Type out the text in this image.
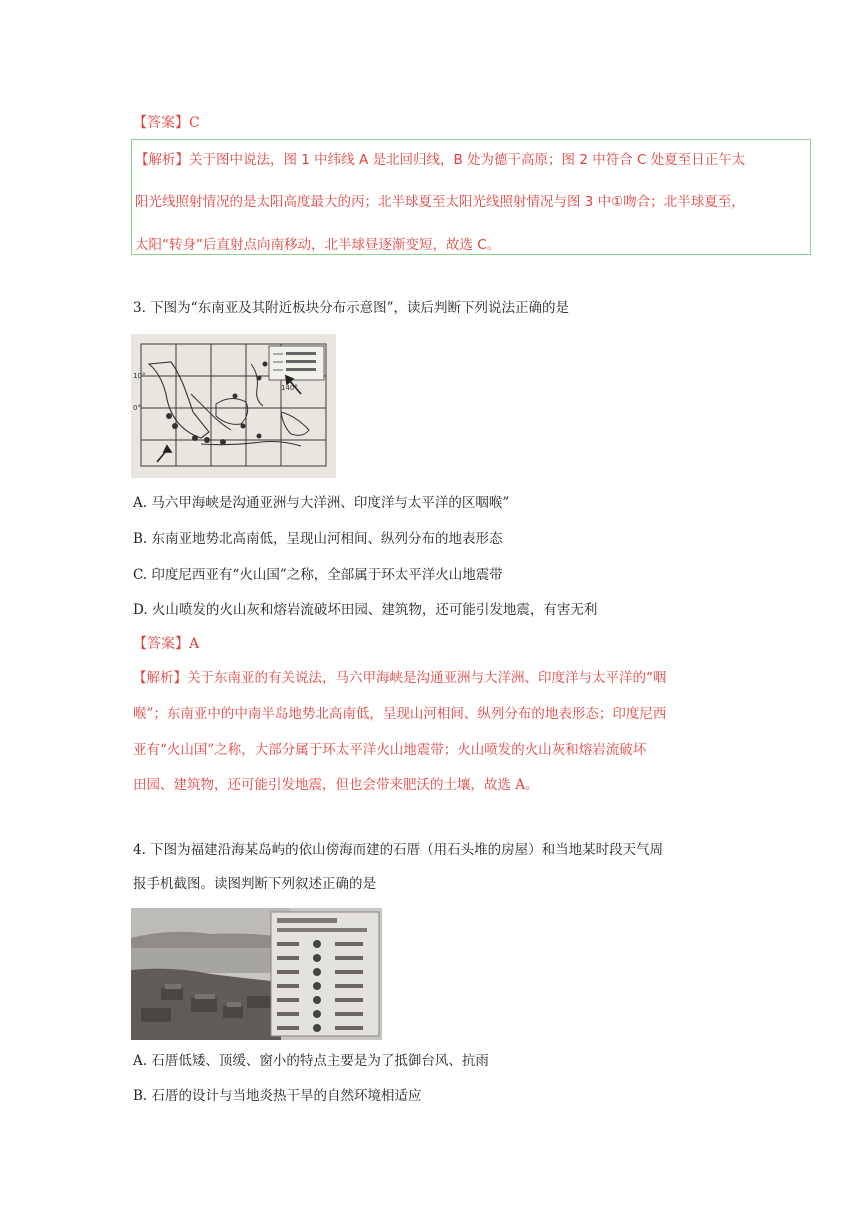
【答案】C
【解析】关于图中说法，图 1 中纬线 A 是北回归线，B 处为德干高原；图 2 中符合 C 处夏至日正午太
阳光线照射情况的是太阳高度最大的丙；北半球夏至太阳光线照射情况与图 3 中①吻合；北半球夏至，
太阳“转身”后直射点向南移动，北半球昼逐渐变短，故选 C。
3. 下图为“东南亚及其附近板块分布示意图”，读后判断下列说法正确的是
140°
10°
0°
A. 马六甲海峡是沟通亚洲与大洋洲、印度洋与太平洋的区咽喉”
B. 东南亚地势北高南低，呈现山河相间、纵列分布的地表形态
C. 印度尼西亚有“火山国”之称，全部属于环太平洋火山地震带
D. 火山喷发的火山灰和熔岩流破坏田园、建筑物，还可能引发地震，有害无利
【答案】A
【解析】关于东南亚的有关说法，马六甲海峡是沟通亚洲与大洋洲、印度洋与太平洋的“咽
喉”；东南亚中的中南半岛地势北高南低，呈现山河相间、纵列分布的地表形态；印度尼西
亚有“火山国”之称，大部分属于环太平洋火山地震带；火山喷发的火山灰和熔岩流破坏
田园、建筑物，还可能引发地震，但也会带来肥沃的土壤，故选 A。
4. 下图为福建沿海某岛屿的依山傍海而建的石厝（用石头堆的房屋）和当地某时段天气周
报手机截图。读图判断下列叙述正确的是
A. 石厝低矮、顶缓、窗小的特点主要是为了抵御台风、抗雨
B. 石厝的设计与当地炎热干旱的自然环境相适应
